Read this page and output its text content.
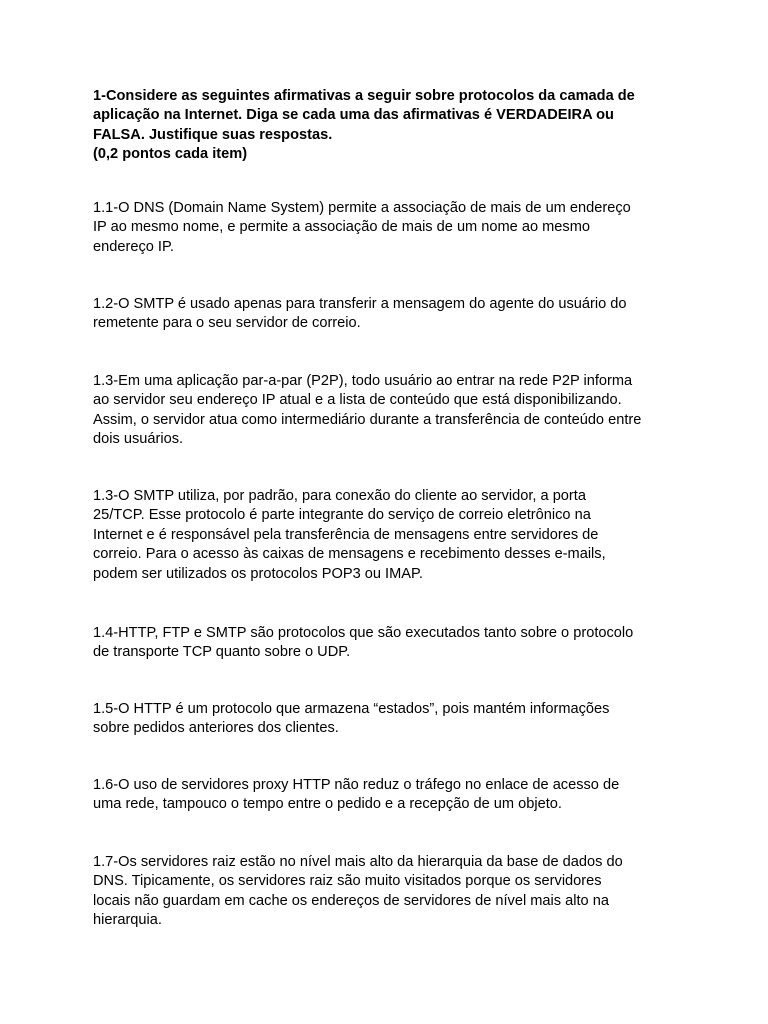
1-Considere as seguintes afirmativas a seguir sobre protocolos da camada de
aplicação na Internet. Diga se cada uma das afirmativas é VERDADEIRA ou
FALSA. Justifique suas respostas.
(0,2 pontos cada item)

1.1-O DNS (Domain Name System) permite a associação de mais de um endereço
IP ao mesmo nome, e permite a associação de mais de um nome ao mesmo
endereço IP.

1.2-O SMTP é usado apenas para transferir a mensagem do agente do usuário do
remetente para o seu servidor de correio.

1.3-Em uma aplicação par-a-par (P2P), todo usuário ao entrar na rede P2P informa
ao servidor seu endereço IP atual e a lista de conteúdo que está disponibilizando.
Assim, o servidor atua como intermediário durante a transferência de conteúdo entre
dois usuários.

1.3-O SMTP utiliza, por padrão, para conexão do cliente ao servidor, a porta
25/TCP. Esse protocolo é parte integrante do serviço de correio eletrônico na
Internet e é responsável pela transferência de mensagens entre servidores de
correio. Para o acesso às caixas de mensagens e recebimento desses e-mails,
podem ser utilizados os protocolos POP3 ou IMAP.

1.4-HTTP, FTP e SMTP são protocolos que são executados tanto sobre o protocolo
de transporte TCP quanto sobre o UDP.

1.5-O HTTP é um protocolo que armazena “estados”, pois mantém informações
sobre pedidos anteriores dos clientes.

1.6-O uso de servidores proxy HTTP não reduz o tráfego no enlace de acesso de
uma rede, tampouco o tempo entre o pedido e a recepção de um objeto.

1.7-Os servidores raiz estão no nível mais alto da hierarquia da base de dados do
DNS. Tipicamente, os servidores raiz são muito visitados porque os servidores
locais não guardam em cache os endereços de servidores de nível mais alto na
hierarquia.
